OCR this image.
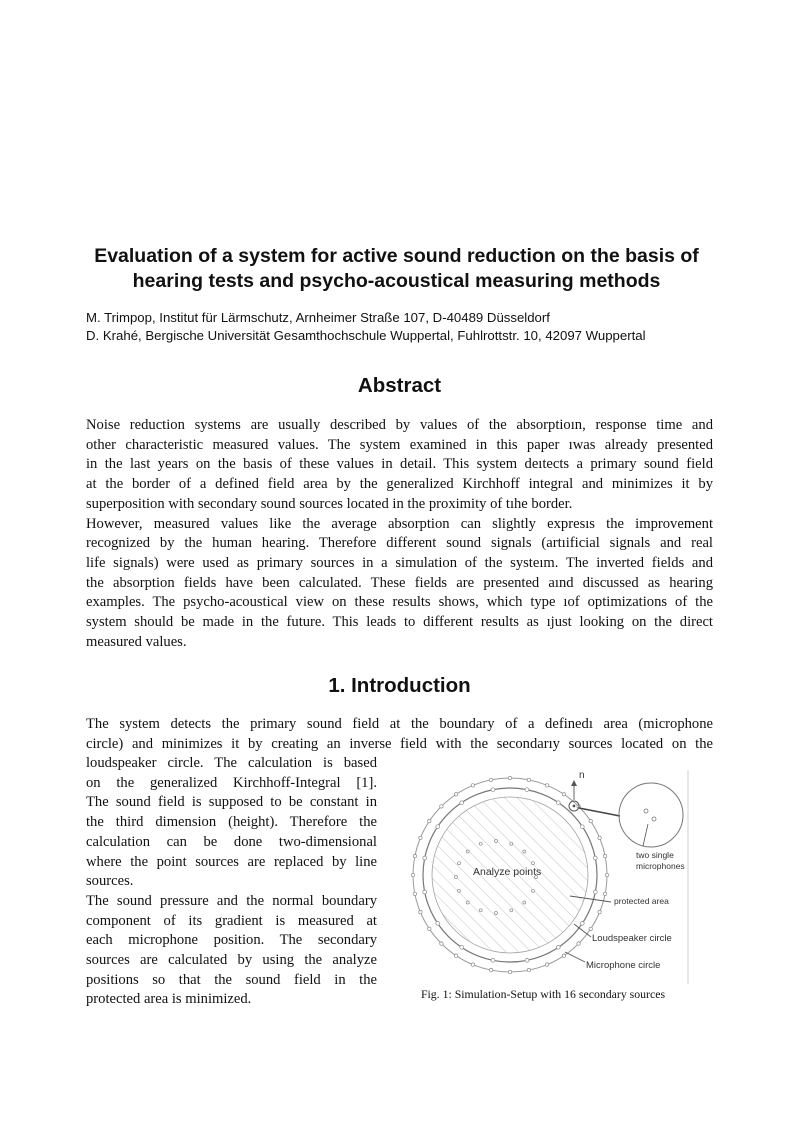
Evaluation of a system for active sound reduction on the basis of
hearing tests and psycho-acoustical measuring methods
M. Trimpop, Institut für Lärmschutz, Arnheimer Straße 107, D-40489 Düsseldorf
D. Krahé, Bergische Universität Gesamthochschule Wuppertal, Fuhlrottstr. 10, 42097 Wuppertal
Abstract
Noise reduction systems are usually described by values of the absorptioın, response time and
other characteristic measured values. The system examined in this paper ıwas already presented
in the last years on the basis of these values in detail. This system deıtects a primary sound field
at the border of a defined field area by the generalized Kirchhoff integral and minimizes it by
superposition with secondary sound sources located in the proximity of tıhe border.
However, measured values like the average absorption can slightly expresıs the improvement
recognized by the human hearing. Therefore different sound signals (artıificial signals and real
life signals) were used as primary sources in a simulation of the systeım. The inverted fields and
the absorption fields have been calculated. These fields are presented aınd discussed as hearing
examples. The psycho-acoustical view on these results shows, which type ıof optimizations of the
system should be made in the future. This leads to different results as ıjust looking on the direct
measured values.
1. Introduction
The system detects the primary sound field at the boundary of a definedı area (microphone
circle) and minimizes it by creating an inverse field with the secondarıy sources located on the
loudspeaker circle. The calculation is based
on the generalized Kirchhoff-Integral [1].
The sound field is supposed to be constant in
the third dimension (height). Therefore the
calculation can be done two-dimensional
where the point sources are replaced by line
sources.
The sound pressure and the normal boundary
component of its gradient is measured at
each microphone position. The secondary
sources are calculated by using the analyze
positions so that the sound field in the
protected area is minimized.
n
two single
microphones
Analyze points
protected area
Loudspeaker circle
Microphone circle
Fig. 1: Simulation-Setup with 16 secondary sources
